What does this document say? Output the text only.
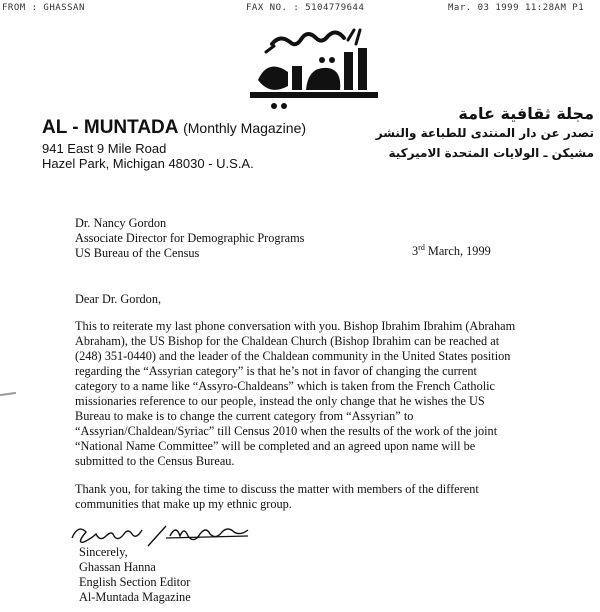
FROM : GHASSAN	FAX NO. : 5104779644	Mar. 03 1999 11:28AM P1
AL - MUNTADA (Monthly Magazine)
941 East 9 Mile Road
Hazel Park, Michigan 48030 - U.S.A.
مجلة ثقافية عامة
تصدر عن دار المنتدى للطباعة والنشر
مشيكن ـ الولايات المتحدة الاميركية
Dr. Nancy Gordon
Associate Director for Demographic Programs
US Bureau of the Census	3rd March, 1999
Dear Dr. Gordon,
This to reiterate my last phone conversation with you. Bishop Ibrahim Ibrahim (Abraham
Abraham), the US Bishop for the Chaldean Church (Bishop Ibrahim can be reached at
(248) 351-0440) and the leader of the Chaldean community in the United States position
regarding the “Assyrian category” is that he’s not in favor of changing the current
category to a name like “Assyro-Chaldeans” which is taken from the French Catholic
missionaries reference to our people, instead the only change that he wishes the US
Bureau to make is to change the current category from “Assyrian” to
“Assyrian/Chaldean/Syriac” till Census 2010 when the results of the work of the joint
“National Name Committee” will be completed and an agreed upon name will be
submitted to the Census Bureau.
Thank you, for taking the time to discuss the matter with members of the different
communities that make up my ethnic group.
Sincerely,
Ghassan Hanna
English Section Editor
Al-Muntada Magazine
